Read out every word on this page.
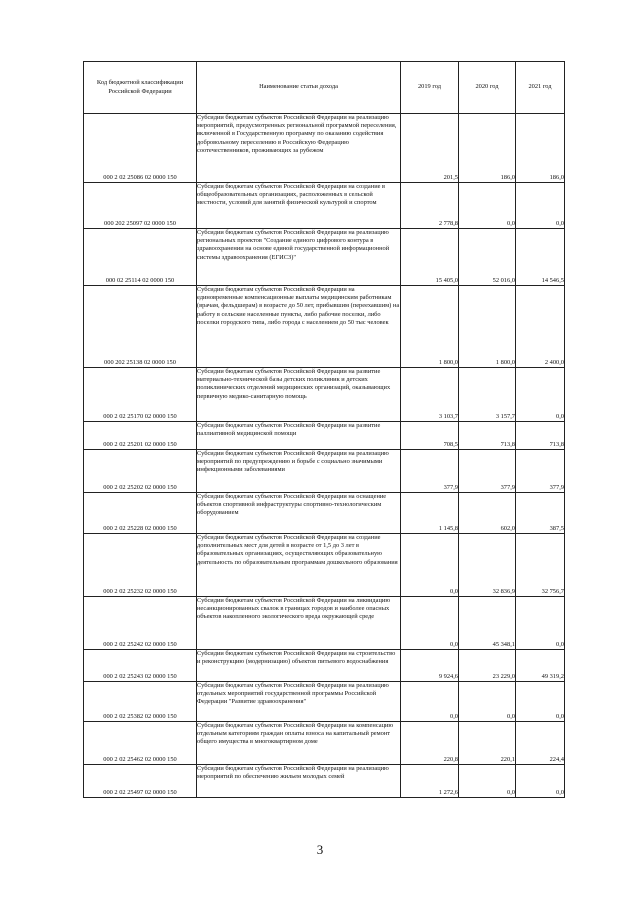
Код бюджетной классификации Российской Федерации	Наименование статьи дохода	2019 год	2020 год	2021 год
000 2 02 25086 02 0000 150	Субсидии бюджетам субъектов Российской Федерации на реализацию мероприятий, предусмотренных региональной программой переселения, включенной в Государственную программу по оказанию содействия добровольному переселению в Российскую Федерацию соотечественников, проживающих за рубежом	201,5	186,0	186,0
000 202 25097 02 0000 150	Субсидии бюджетам субъектов Российской Федерации на создание в общеобразовательных организациях, расположенных в сельской местности, условий для занятий физической культурой и спортом	2 778,8	0,0	0,0
000 02 25114 02 0000 150	Субсидии бюджетам субъектов Российской Федерации на реализацию региональных проектов "Создание единого цифрового контура в здравоохранении на основе единой государственной информационной системы здравоохранения (ЕГИСЗ)"	15 405,0	52 016,0	14 546,5
000 202 25138 02 0000 150	Субсидии бюджетам субъектов Российской Федерации на единовременные компенсационные выплаты медицинским работникам (врачам, фельдшерам) в возрасте до 50 лет, прибывшим (переехавшим) на работу в сельские населенные пункты, либо рабочие поселки, либо поселки городского типа, либо города с населением до 50 тыс человек	1 800,0	1 800,0	2 400,0
000 2 02 25170 02 0000 150	Субсидии бюджетам субъектов Российской Федерации на развитие материально-технической базы детских поликлиник и детских поликлинических отделений медицинских организаций, оказывающих первичную медико-санитарную помощь	3 103,7	3 157,7	0,0
000 2 02 25201 02 0000 150	Субсидии бюджетам субъектов Российской Федерации на развитие паллиативной медицинской помощи	708,5	713,8	713,8
000 2 02 25202 02 0000 150	Субсидии бюджетам субъектов Российской Федерации на реализацию мероприятий по предупреждению и борьбе с социально значимыми инфекционными заболеваниями	377,9	377,9	377,9
000 2 02 25228 02 0000 150	Субсидии бюджетам субъектов Российской Федерации на оснащение объектов спортивной инфраструктуры спортивно-технологическим оборудованием	1 145,8	602,0	387,5
000 2 02 25232 02 0000 150	Субсидии бюджетам субъектов Российской Федерации на создание дополнительных мест для детей в возрасте от 1,5 до 3 лет в образовательных организациях, осуществляющих образовательную деятельность по образовательным программам дошкольного образования	0,0	32 836,9	32 756,7
000 2 02 25242 02 0000 150	Субсидии бюджетам субъектов Российской Федерации на ликвидацию несанкционированных свалок в границах городов и наиболее опасных объектов накопленного экологического вреда окружающей среде	0,0	45 348,1	0,0
000 2 02 25243 02 0000 150	Субсидии бюджетам субъектов Российской Федерации на строительство и реконструкцию (модернизацию) объектов питьевого водоснабжения	9 924,6	23 229,0	49 319,2
000 2 02 25382 02 0000 150	Субсидии бюджетам субъектов Российской Федерации на реализацию отдельных мероприятий государственной программы Российской Федерации "Развитие здравоохранения"	0,0	0,0	0,0
000 2 02 25462 02 0000 150	Субсидии бюджетам субъектов Российской Федерации на компенсацию отдельным категориям граждан оплаты взноса на капитальный ремонт общего имущества в многоквартирном доме	220,8	220,1	224,4
000 2 02 25497 02 0000 150	Субсидии бюджетам субъектов Российской Федерации на реализацию мероприятий по обеспечению жильем молодых семей	1 272,6	0,0	0,0
3
